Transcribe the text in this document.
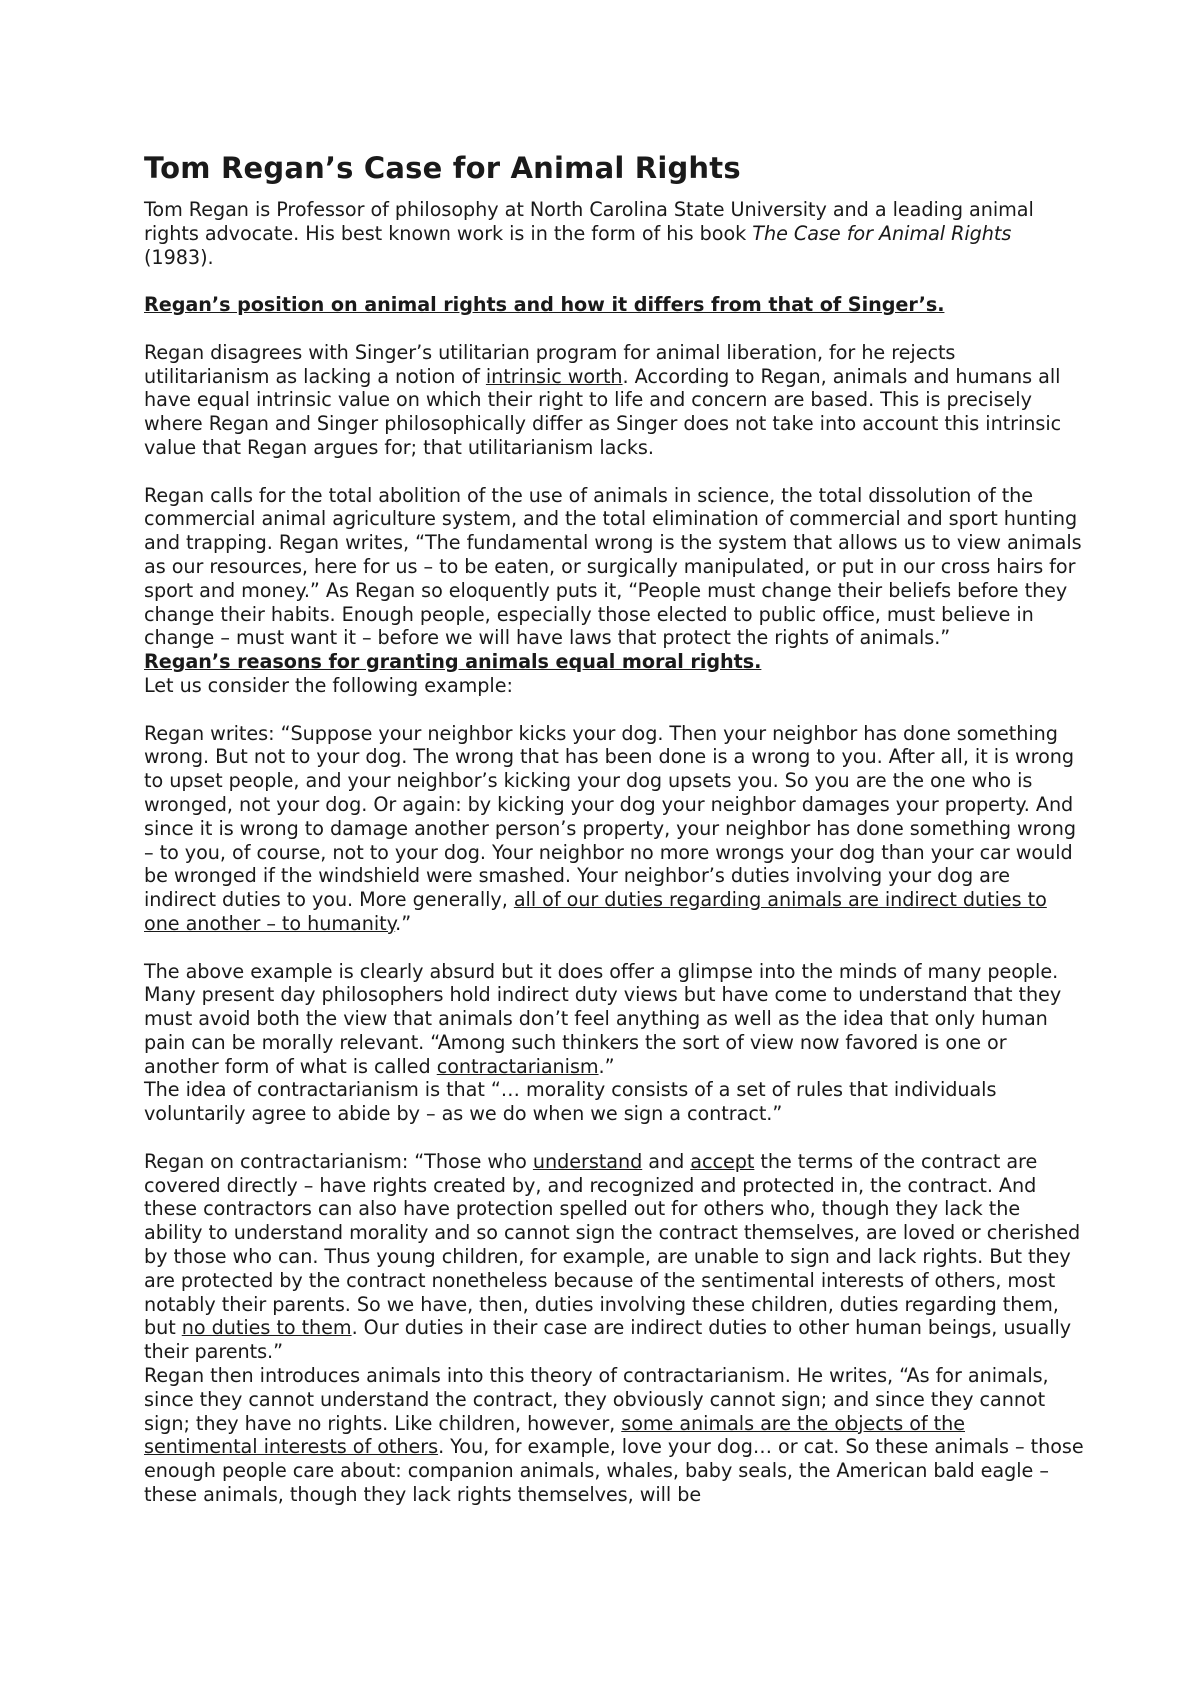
Tom Regan’s Case for Animal Rights

Tom Regan is Professor of philosophy at North Carolina State University and a leading animal rights advocate. His best known work is in the form of his book The Case for Animal Rights (1983).

Regan’s position on animal rights and how it differs from that of Singer’s.

Regan disagrees with Singer’s utilitarian program for animal liberation, for he rejects utilitarianism as lacking a notion of intrinsic worth. According to Regan, animals and humans all have equal intrinsic value on which their right to life and concern are based. This is precisely where Regan and Singer philosophically differ as Singer does not take into account this intrinsic value that Regan argues for; that utilitarianism lacks.

Regan calls for the total abolition of the use of animals in science, the total dissolution of the commercial animal agriculture system, and the total elimination of commercial and sport hunting and trapping. Regan writes, “The fundamental wrong is the system that allows us to view animals as our resources, here for us – to be eaten, or surgically manipulated, or put in our cross hairs for sport and money.” As Regan so eloquently puts it, “People must change their beliefs before they change their habits. Enough people, especially those elected to public office, must believe in change – must want it – before we will have laws that protect the rights of animals.”

Regan’s reasons for granting animals equal moral rights.

Let us consider the following example:

Regan writes: “Suppose your neighbor kicks your dog. Then your neighbor has done something wrong. But not to your dog. The wrong that has been done is a wrong to you. After all, it is wrong to upset people, and your neighbor’s kicking your dog upsets you. So you are the one who is wronged, not your dog. Or again: by kicking your dog your neighbor damages your property. And since it is wrong to damage another person’s property, your neighbor has done something wrong – to you, of course, not to your dog. Your neighbor no more wrongs your dog than your car would be wronged if the windshield were smashed. Your neighbor’s duties involving your dog are indirect duties to you. More generally, all of our duties regarding animals are indirect duties to one another – to humanity.”

The above example is clearly absurd but it does offer a glimpse into the minds of many people. Many present day philosophers hold indirect duty views but have come to understand that they must avoid both the view that animals don’t feel anything as well as the idea that only human pain can be morally relevant. “Among such thinkers the sort of view now favored is one or another form of what is called contractarianism.”

The idea of contractarianism is that “… morality consists of a set of rules that individuals voluntarily agree to abide by – as we do when we sign a contract.”

Regan on contractarianism: “Those who understand and accept the terms of the contract are covered directly – have rights created by, and recognized and protected in, the contract. And these contractors can also have protection spelled out for others who, though they lack the ability to understand morality and so cannot sign the contract themselves, are loved or cherished by those who can. Thus young children, for example, are unable to sign and lack rights. But they are protected by the contract nonetheless because of the sentimental interests of others, most notably their parents. So we have, then, duties involving these children, duties regarding them, but no duties to them. Our duties in their case are indirect duties to other human beings, usually their parents.”

Regan then introduces animals into this theory of contractarianism. He writes, “As for animals, since they cannot understand the contract, they obviously cannot sign; and since they cannot sign; they have no rights. Like children, however, some animals are the objects of the sentimental interests of others. You, for example, love your dog… or cat. So these animals – those enough people care about: companion animals, whales, baby seals, the American bald eagle – these animals, though they lack rights themselves, will be
